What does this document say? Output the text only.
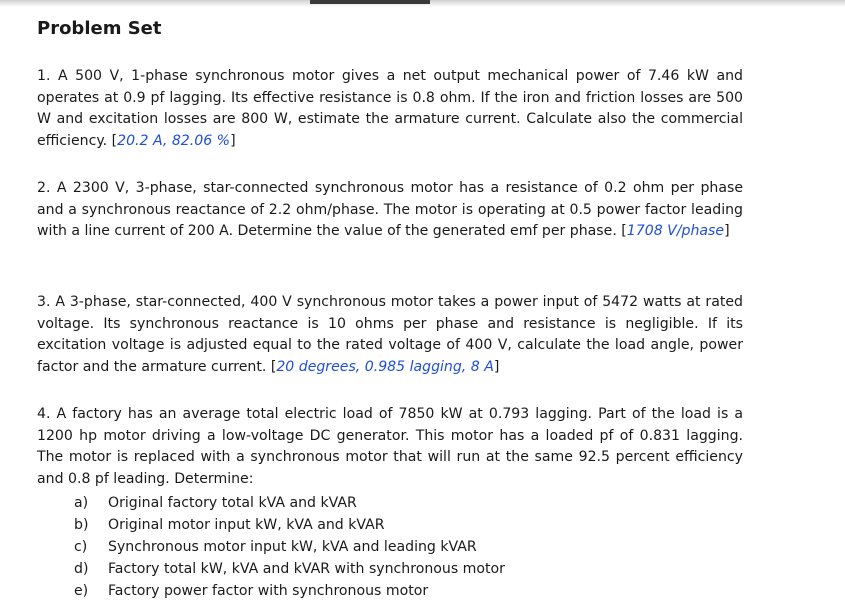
Problem Set

1. A 500 V, 1-phase synchronous motor gives a net output mechanical power of 7.46 kW and operates at 0.9 pf lagging. Its effective resistance is 0.8 ohm. If the iron and friction losses are 500 W and excitation losses are 800 W, estimate the armature current. Calculate also the commercial efficiency. [20.2 A, 82.06 %]

2. A 2300 V, 3-phase, star-connected synchronous motor has a resistance of 0.2 ohm per phase and a synchronous reactance of 2.2 ohm/phase. The motor is operating at 0.5 power factor leading with a line current of 200 A. Determine the value of the generated emf per phase. [1708 V/phase]

3. A 3-phase, star-connected, 400 V synchronous motor takes a power input of 5472 watts at rated voltage. Its synchronous reactance is 10 ohms per phase and resistance is negligible. If its excitation voltage is adjusted equal to the rated voltage of 400 V, calculate the load angle, power factor and the armature current. [20 degrees, 0.985 lagging, 8 A]

4. A factory has an average total electric load of 7850 kW at 0.793 lagging. Part of the load is a 1200 hp motor driving a low-voltage DC generator. This motor has a loaded pf of 0.831 lagging. The motor is replaced with a synchronous motor that will run at the same 92.5 percent efficiency and 0.8 pf leading. Determine:

a)	Original factory total kVA and kVAR
b)	Original motor input kW, kVA and kVAR
c)	Synchronous motor input kW, kVA and leading kVAR
d)	Factory total kW, kVA and kVAR with synchronous motor
e)	Factory power factor with synchronous motor
